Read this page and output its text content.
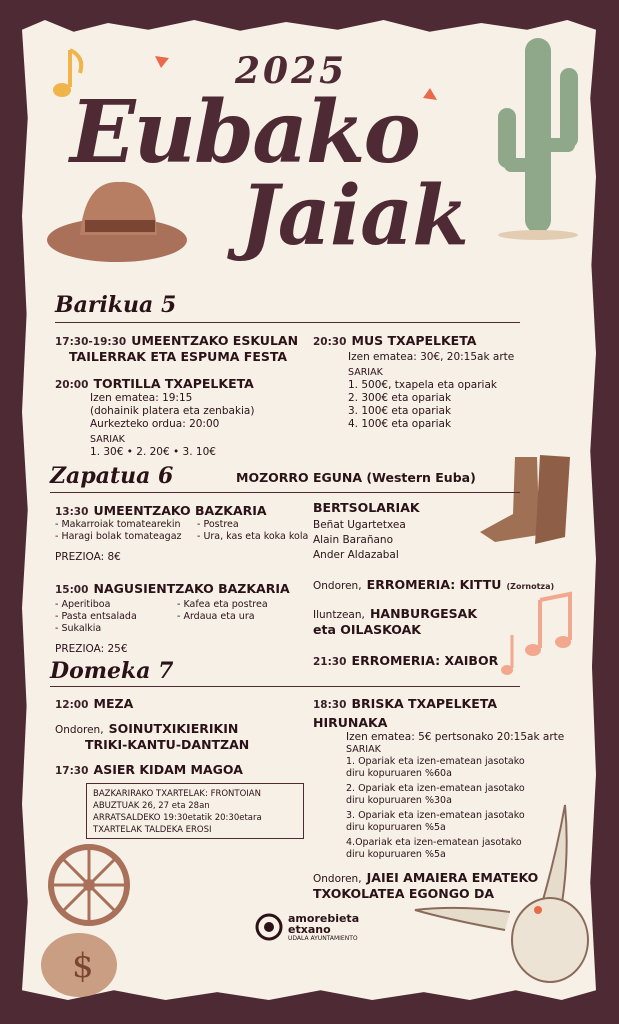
$
2025
Eubako
Jaiak
Barikua 5
17:30-19:30 UMEENTZAKO ESKULAN
TAILERRAK ETA ESPUMA FESTA
20:00 TORTILLA TXAPELKETA
Izen ematea: 19:15
(dohainik platera eta zenbakia)
Aurkezteko ordua: 20:00
SARIAK
1. 30€ • 2. 20€ • 3. 10€
20:30 MUS TXAPELKETA
Izen ematea: 30€, 20:15ak arte
SARIAK
1. 500€, txapela eta opariak
2. 300€ eta opariak
3. 100€ eta opariak
4. 100€ eta opariak
Zapatua 6	MOZORRO EGUNA (Western Euba)
13:30 UMEENTZAKO BAZKARIA
- Makarroiak tomatearekin
- Haragi bolak tomateagaz
- Postrea
- Ura, kas eta koka kola
PREZIOA: 8€
15:00 NAGUSIENTZAKO BAZKARIA
- Aperitiboa
- Pasta entsalada
- Sukalkia
- Kafea eta postrea
- Ardaua eta ura
PREZIOA: 25€
BERTSOLARIAK
Beñat Ugartetxea
Alain Barañano
Ander Aldazabal
Ondoren, ERROMERIA: KITTU (Zornotza)
Iluntzean, HANBURGESAK
eta OILASKOAK
21:30 ERROMERIA: XAIBOR
Domeka 7
12:00 MEZA
Ondoren, SOINUTXIKIERIKIN
TRIKI-KANTU-DANTZAN
17:30 ASIER KIDAM MAGOA
BAZKARIRAKO TXARTELAK: FRONTOIAN
ABUZTUAK 26, 27 eta 28an
ARRATSALDEKO 19:30etatik 20:30etara
TXARTELAK TALDEKA EROSI
18:30 BRISKA TXAPELKETA HIRUNAKA
Izen ematea: 5€ pertsonako 20:15ak arte
SARIAK
1. Opariak eta izen-ematean jasotako
diru kopuruaren %60a
2. Opariak eta izen-ematean jasotako
diru kopuruaren %30a
3. Opariak eta izen-ematean jasotako
diru kopuruaren %5a
4.Opariak eta izen-ematean jasotako
diru kopuruaren %5a
Ondoren, JAIEI AMAIERA EMATEKO
TXOKOLATEA EGONGO DA
amorebieta
etxano
UDALA AYUNTAMIENTO
